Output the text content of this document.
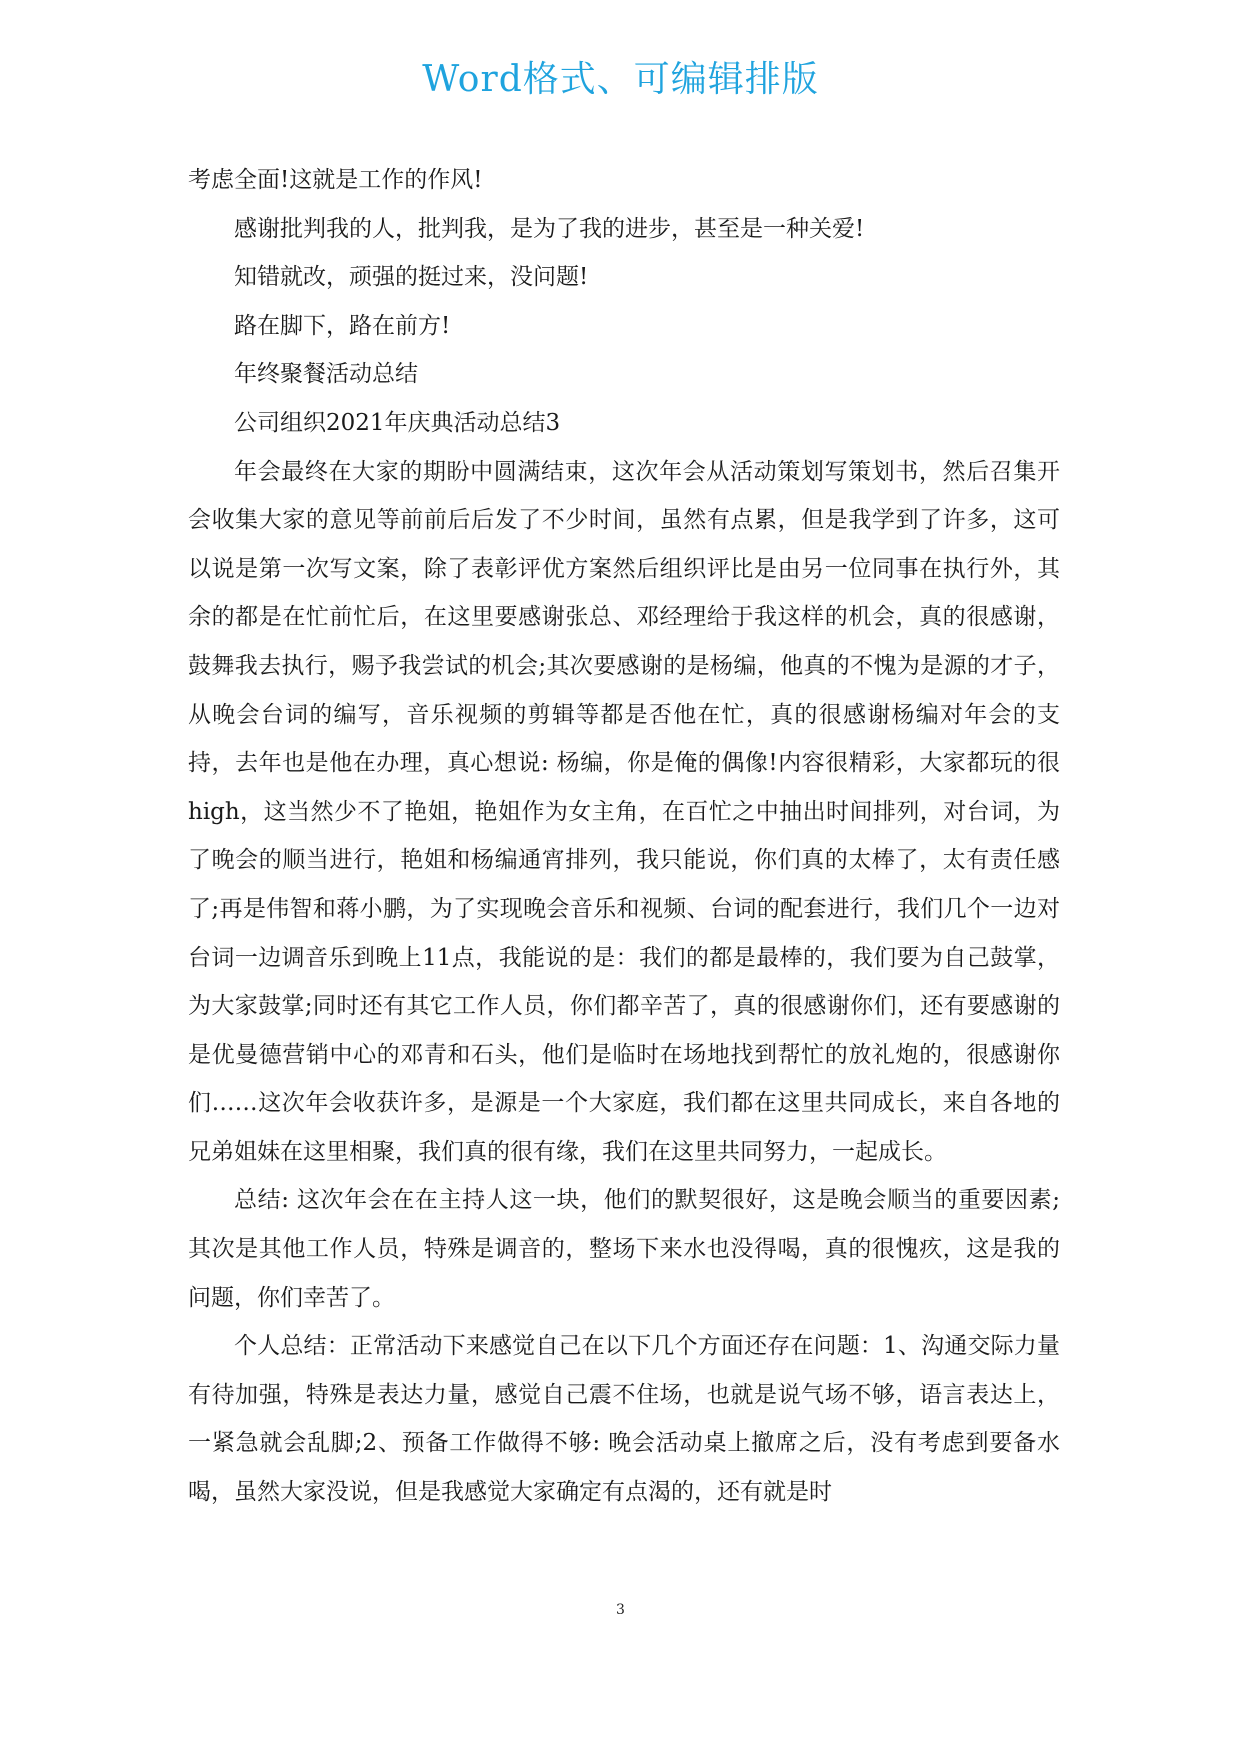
Word格式、可编辑排版

考虑全面!这就是工作的作风!

感谢批判我的人，批判我，是为了我的进步，甚至是一种关爱!

知错就改，顽强的挺过来，没问题!

路在脚下，路在前方!

年终聚餐活动总结

公司组织2021年庆典活动总结3

年会最终在大家的期盼中圆满结束，这次年会从活动策划写策划书，然后召集开会收集大家的意见等前前后后发了不少时间，虽然有点累，但是我学到了许多，这可以说是第一次写文案，除了表彰评优方案然后组织评比是由另一位同事在执行外，其余的都是在忙前忙后，在这里要感谢张总、邓经理给于我这样的机会，真的很感谢，鼓舞我去执行，赐予我尝试的机会;其次要感谢的是杨编，他真的不愧为是源的才子，从晚会台词的编写，音乐视频的剪辑等都是否他在忙，真的很感谢杨编对年会的支持，去年也是他在办理，真心想说: 杨编，你是俺的偶像!内容很精彩，大家都玩的很high，这当然少不了艳姐，艳姐作为女主角，在百忙之中抽出时间排列，对台词，为了晚会的顺当进行，艳姐和杨编通宵排列，我只能说，你们真的太棒了，太有责任感了;再是伟智和蒋小鹏，为了实现晚会音乐和视频、台词的配套进行，我们几个一边对台词一边调音乐到晚上11点，我能说的是：我们的都是最棒的，我们要为自己鼓掌，为大家鼓掌;同时还有其它工作人员，你们都辛苦了，真的很感谢你们，还有要感谢的是优曼德营销中心的邓青和石头，他们是临时在场地找到帮忙的放礼炮的，很感谢你们……这次年会收获许多，是源是一个大家庭，我们都在这里共同成长，来自各地的兄弟姐妹在这里相聚，我们真的很有缘，我们在这里共同努力，一起成长。

总结: 这次年会在在主持人这一块，他们的默契很好，这是晚会顺当的重要因素;其次是其他工作人员，特殊是调音的，整场下来水也没得喝，真的很愧疚，这是我的问题，你们幸苦了。

个人总结：正常活动下来感觉自己在以下几个方面还存在问题：1、沟通交际力量有待加强，特殊是表达力量，感觉自己震不住场，也就是说气场不够，语言表达上，一紧急就会乱脚;2、预备工作做得不够: 晚会活动桌上撤席之后，没有考虑到要备水喝，虽然大家没说，但是我感觉大家确定有点渴的，还有就是时

3
